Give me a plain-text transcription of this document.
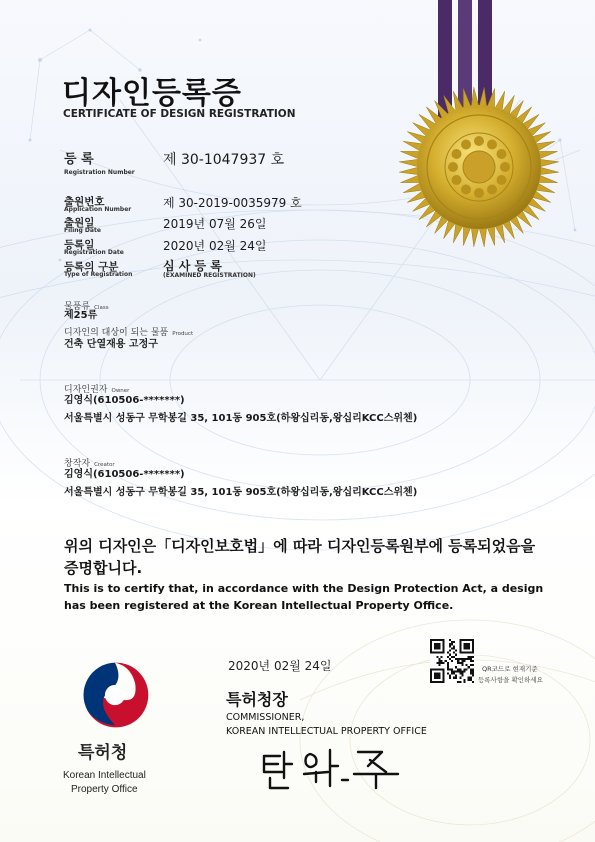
디자인등록증
CERTIFICATE OF DESIGN REGISTRATION
등 록
Registration Number
제 30-1047937 호
출원번호
Application Number	제 30-2019-0035979 호
출원일
Filing Date	2019년 07월 26일
등록일
Registration Date	2020년 02월 24일
등록의 구분
Type of Registration
심 사 등 록
(EXAMINED REGISTRATION)
물품류 Class
제25류
디자인의 대상이 되는 물품 Product
건축 단열재용 고정구
디자인권자 Owner
김영식(610506-*******)
서울특별시 성동구 무학봉길 35, 101동 905호(하왕십리동,왕십리KCC스위첸)
창작자 Creator
김영식(610506-*******)
서울특별시 성동구 무학봉길 35, 101동 905호(하왕십리동,왕십리KCC스위첸)
위의 디자인은「디자인보호법」에 따라 디자인등록원부에 등록되었음을 증명합니다.
This is to certify that, in accordance with the Design Protection Act, a design has been registered at the Korean Intellectual Property Office.
2020년 02월 24일	QR코드로 현재기준
등록사항을 확인하세요
특허청장
COMMISSIONER,
KOREAN INTELLECTUAL PROPERTY OFFICE
특허청
Korean Intellectual
Property Office
